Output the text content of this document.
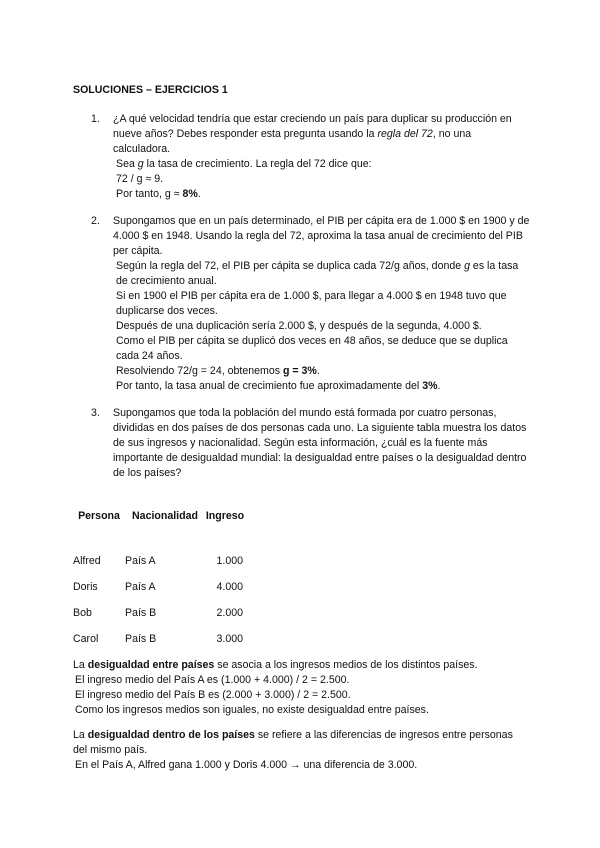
SOLUCIONES – EJERCICIOS 1
1.	¿A qué velocidad tendría que estar creciendo un país para duplicar su producción en nueve años? Debes responder esta pregunta usando la regla del 72, no una calculadora.

Sea g la tasa de crecimiento. La regla del 72 dice que:

72 / g ≈ 9.

Por tanto, g ≈ 8%.

2.	Supongamos que en un país determinado, el PIB per cápita era de 1.000 $ en 1900 y de 4.000 $ en 1948. Usando la regla del 72, aproxima la tasa anual de crecimiento del PIB per cápita.

Según la regla del 72, el PIB per cápita se duplica cada 72/g años, donde g es la tasa de crecimiento anual.

Si en 1900 el PIB per cápita era de 1.000 $, para llegar a 4.000 $ en 1948 tuvo que duplicarse dos veces.

Después de una duplicación sería 2.000 $, y después de la segunda, 4.000 $.

Como el PIB per cápita se duplicó dos veces en 48 años, se deduce que se duplica cada 24 años.

Resolviendo 72/g = 24, obtenemos g = 3%.

Por tanto, la tasa anual de crecimiento fue aproximadamente del 3%.

3.	Supongamos que toda la población del mundo está formada por cuatro personas, divididas en dos países de dos personas cada uno. La siguiente tabla muestra los datos de sus ingresos y nacionalidad. Según esta información, ¿cuál es la fuente más importante de desigualdad mundial: la desigualdad entre países o la desigualdad dentro de los países?

Persona	Nacionalidad	Ingreso
Alfred	País A	1.000
Doris	País A	4.000
Bob	País B	2.000
Carol	País B	3.000

La desigualdad entre países se asocia a los ingresos medios de los distintos países.

El ingreso medio del País A es (1.000 + 4.000) / 2 = 2.500.

El ingreso medio del País B es (2.000 + 3.000) / 2 = 2.500.

Como los ingresos medios son iguales, no existe desigualdad entre países.

La desigualdad dentro de los países se refiere a las diferencias de ingresos entre personas del mismo país.

En el País A, Alfred gana 1.000 y Doris 4.000 → una diferencia de 3.000.
